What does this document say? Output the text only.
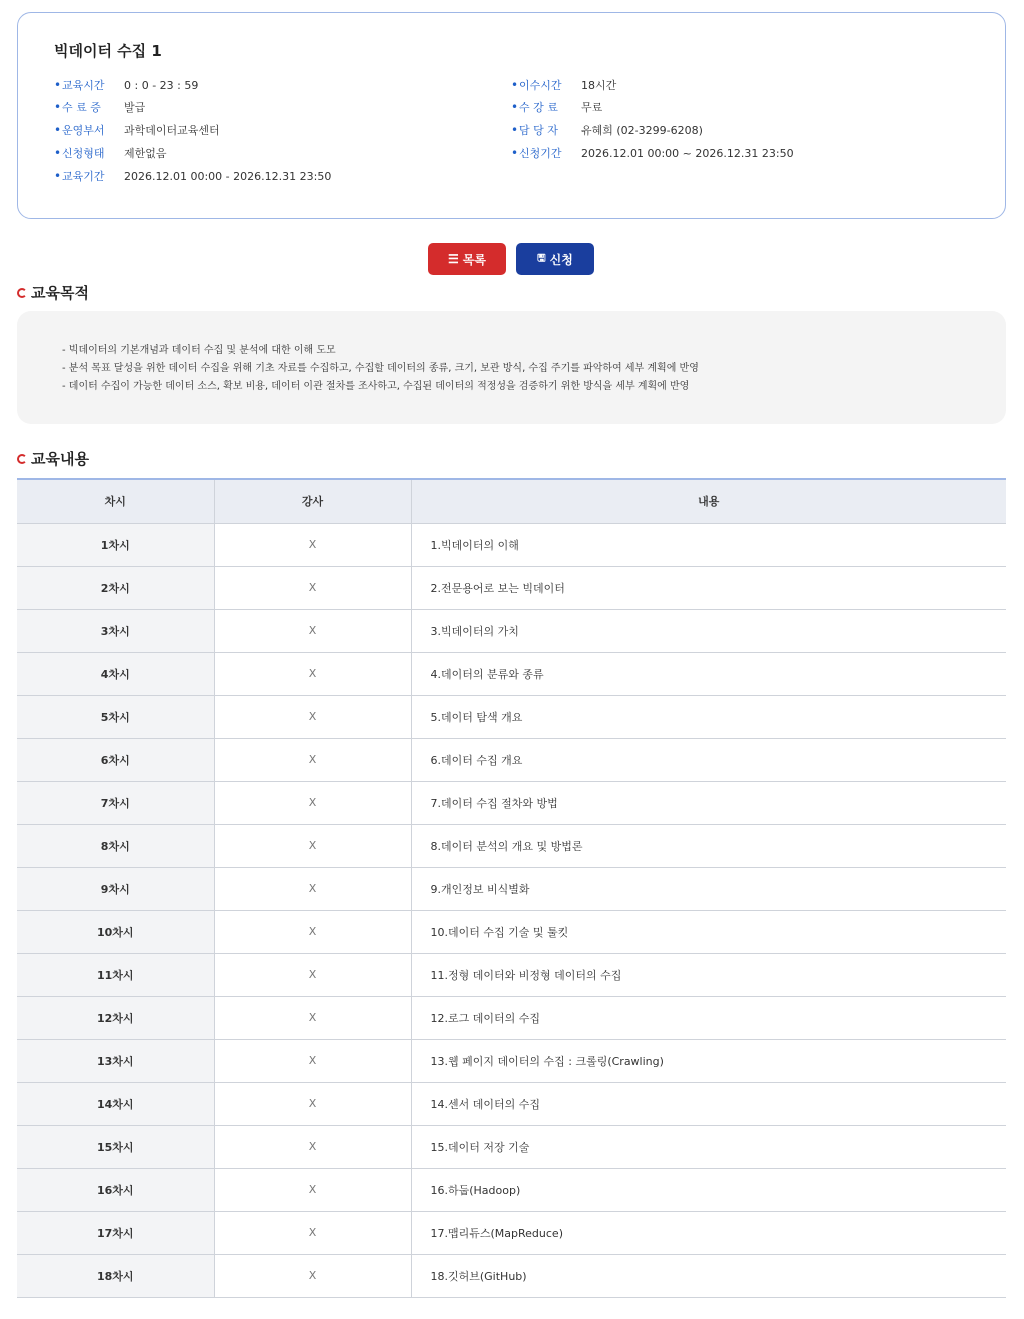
빅데이터 수집 1
• 교육시간	0 : 0 - 23 : 59
• 수 료 증	발급
• 운영부서	과학데이터교육센터
• 신청형태	제한없음
• 교육기간	2026.12.01 00:00 - 2026.12.31 23:50
• 이수시간	18시간
• 수 강 료	무료
• 담 당 자	유혜희 (02-3299-6208)
• 신청기간	2026.12.01 00:00 ~ 2026.12.31 23:50
☰ 목록	🖫 신청
교육목적
- 빅데이터의 기본개념과 데이터 수집 및 분석에 대한 이해 도모
- 분석 목표 달성을 위한 데이터 수집을 위해 기초 자료를 수집하고, 수집할 데이터의 종류, 크기, 보관 방식, 수집 주기를 파악하여 세부 계획에 반영
- 데이터 수집이 가능한 데이터 소스, 확보 비용, 데이터 이관 절차를 조사하고, 수집된 데이터의 적정성을 검증하기 위한 방식을 세부 계획에 반영
교육내용
차시	강사	내용
1차시	X	1.빅데이터의 이해
2차시	X	2.전문용어로 보는 빅데이터
3차시	X	3.빅데이터의 가치
4차시	X	4.데이터의 분류와 종류
5차시	X	5.데이터 탐색 개요
6차시	X	6.데이터 수집 개요
7차시	X	7.데이터 수집 절차와 방법
8차시	X	8.데이터 분석의 개요 및 방법론
9차시	X	9.개인정보 비식별화
10차시	X	10.데이터 수집 기술 및 툴킷
11차시	X	11.정형 데이터와 비정형 데이터의 수집
12차시	X	12.로그 데이터의 수집
13차시	X	13.웹 페이지 데이터의 수집 : 크롤링(Crawling)
14차시	X	14.센서 데이터의 수집
15차시	X	15.데이터 저장 기술
16차시	X	16.하둡(Hadoop)
17차시	X	17.맵리듀스(MapReduce)
18차시	X	18.깃허브(GitHub)
